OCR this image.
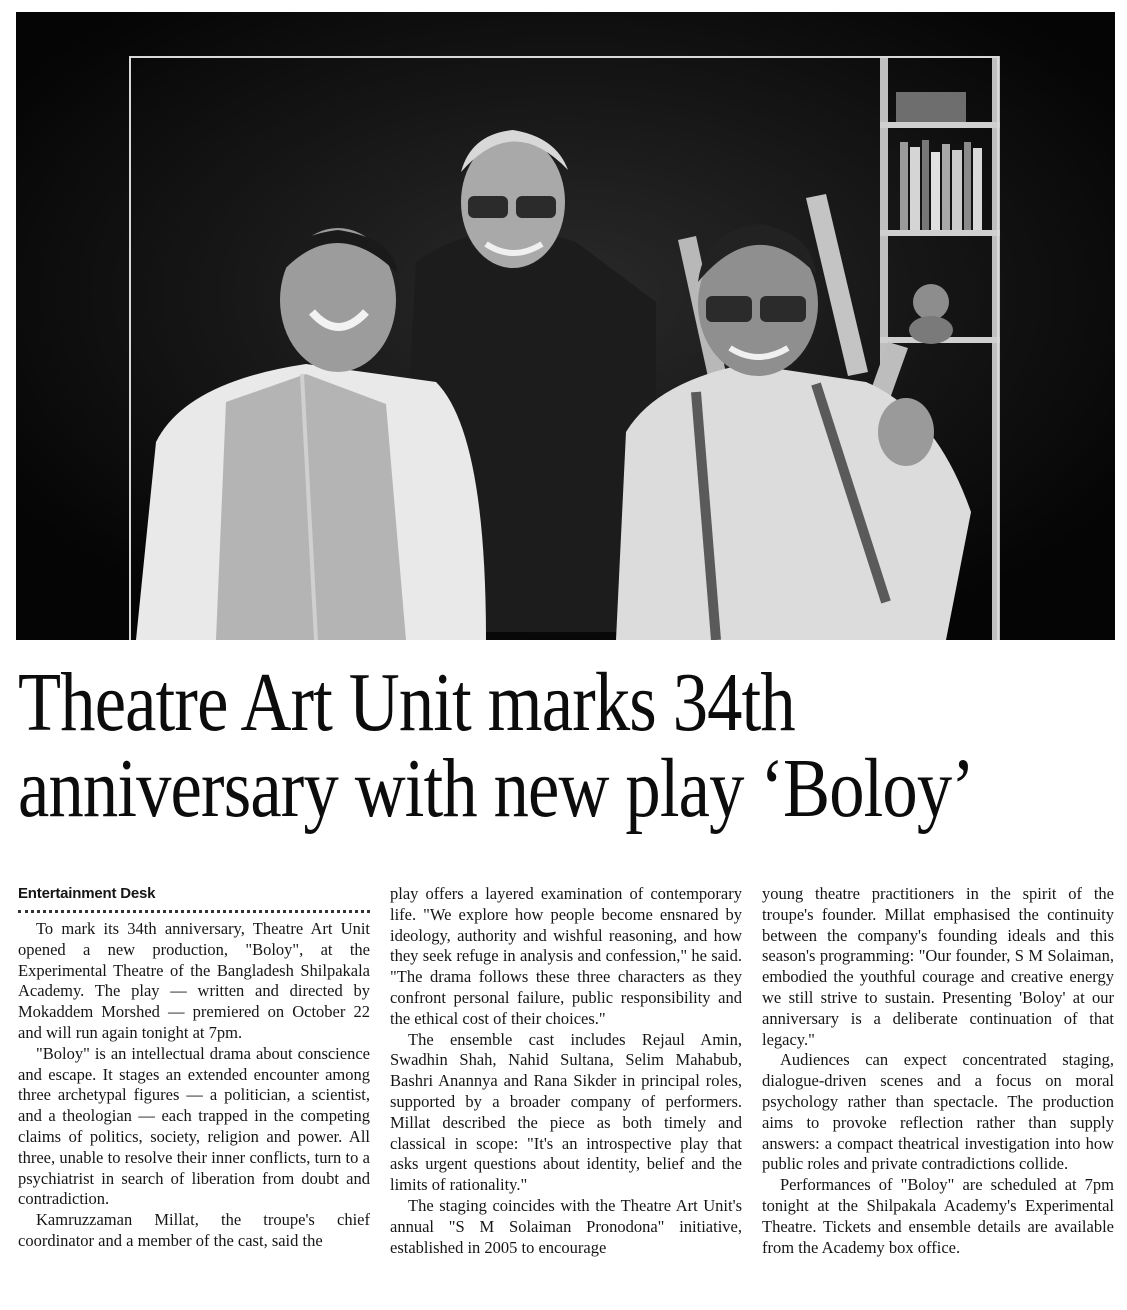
Theatre Art Unit marks 34th
anniversary with new play ‘Boloy’
Entertainment Desk

To mark its 34th anniversary, Theatre Art Unit opened a new production, "Boloy", at the Experimental Theatre of the Bangladesh Shilpakala Academy. The play — written and directed by Mokaddem Morshed — premiered on October 22 and will run again tonight at 7pm.

"Boloy" is an intellectual drama about conscience and escape. It stages an extended encounter among three archetypal figures — a politician, a scientist, and a theologian — each trapped in the competing claims of politics, society, religion and power. All three, unable to resolve their inner conflicts, turn to a psychiatrist in search of liberation from doubt and contradiction.

Kamruzzaman Millat, the troupe's chief coordinator and a member of the cast, said the

play offers a layered examination of contemporary life. "We explore how people become ensnared by ideology, authority and wishful reasoning, and how they seek refuge in analysis and confession," he said. "The drama follows these three characters as they confront personal failure, public responsibility and the ethical cost of their choices."

The ensemble cast includes Rejaul Amin, Swadhin Shah, Nahid Sultana, Selim Mahabub, Bashri Anannya and Rana Sikder in principal roles, supported by a broader company of performers. Millat described the piece as both timely and classical in scope: "It's an introspective play that asks urgent questions about identity, belief and the limits of rationality."

The staging coincides with the Theatre Art Unit's annual "S M Solaiman Pronodona" initiative, established in 2005 to encourage

young theatre practitioners in the spirit of the troupe's founder. Millat emphasised the continuity between the company's founding ideals and this season's programming: "Our founder, S M Solaiman, embodied the youthful courage and creative energy we still strive to sustain. Presenting 'Boloy' at our anniversary is a deliberate continuation of that legacy."

Audiences can expect concentrated staging, dialogue-driven scenes and a focus on moral psychology rather than spectacle. The production aims to provoke reflection rather than supply answers: a compact theatrical investigation into how public roles and private contradictions collide.

Performances of "Boloy" are scheduled at 7pm tonight at the Shilpakala Academy's Experimental Theatre. Tickets and ensemble details are available from the Academy box office.
